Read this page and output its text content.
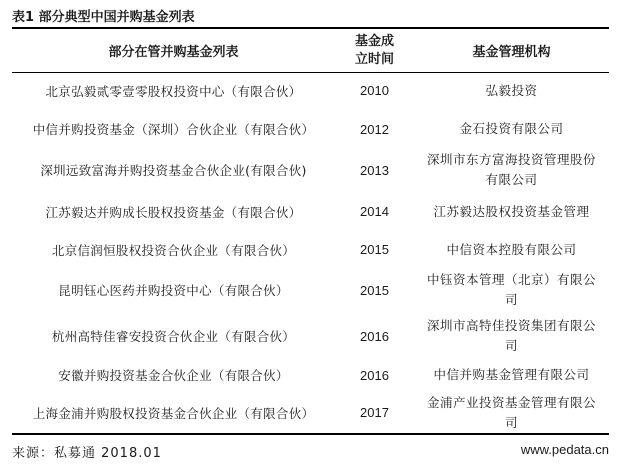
表1 部分典型中国并购基金列表
部分在管并购基金列表	基金成立时间	基金管理机构
北京弘毅贰零壹零股权投资中心（有限合伙）	2010	弘毅投资
中信并购投资基金（深圳）合伙企业（有限合伙）	2012	金石投资有限公司
深圳远致富海并购投资基金合伙企业(有限合伙)	2013	深圳市东方富海投资管理股份有限公司
江苏毅达并购成长股权投资基金（有限合伙）	2014	江苏毅达股权投资基金管理
北京信润恒股权投资合伙企业（有限合伙）	2015	中信资本控股有限公司
昆明钰心医药并购投资中心（有限合伙）	2015	中钰资本管理（北京）有限公司
杭州高特佳睿安投资合伙企业（有限合伙）	2016	深圳市高特佳投资集团有限公司
安徽并购投资基金合伙企业（有限合伙）	2016	中信并购基金管理有限公司
上海金浦并购股权投资基金合伙企业（有限合伙）	2017	金浦产业投资基金管理有限公司
来源：私募通 2018.01	www.pedata.cn
